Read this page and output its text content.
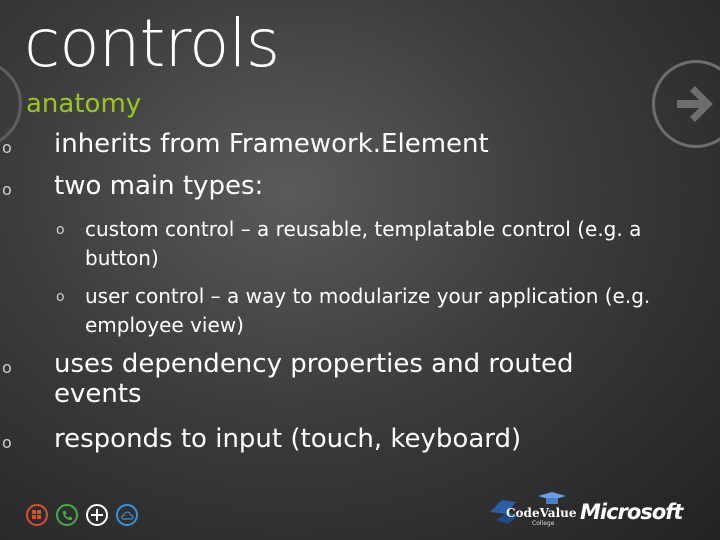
controls
anatomy
o	inherits from Framework.Element
o	two main types:
o	custom control – a reusable, templatable control (e.g. a button)
o	user control – a way to modularize your application (e.g. employee view)
o	uses dependency properties and routed events
o	responds to input (touch, keyboard)
CodeValue
College Microsoft
